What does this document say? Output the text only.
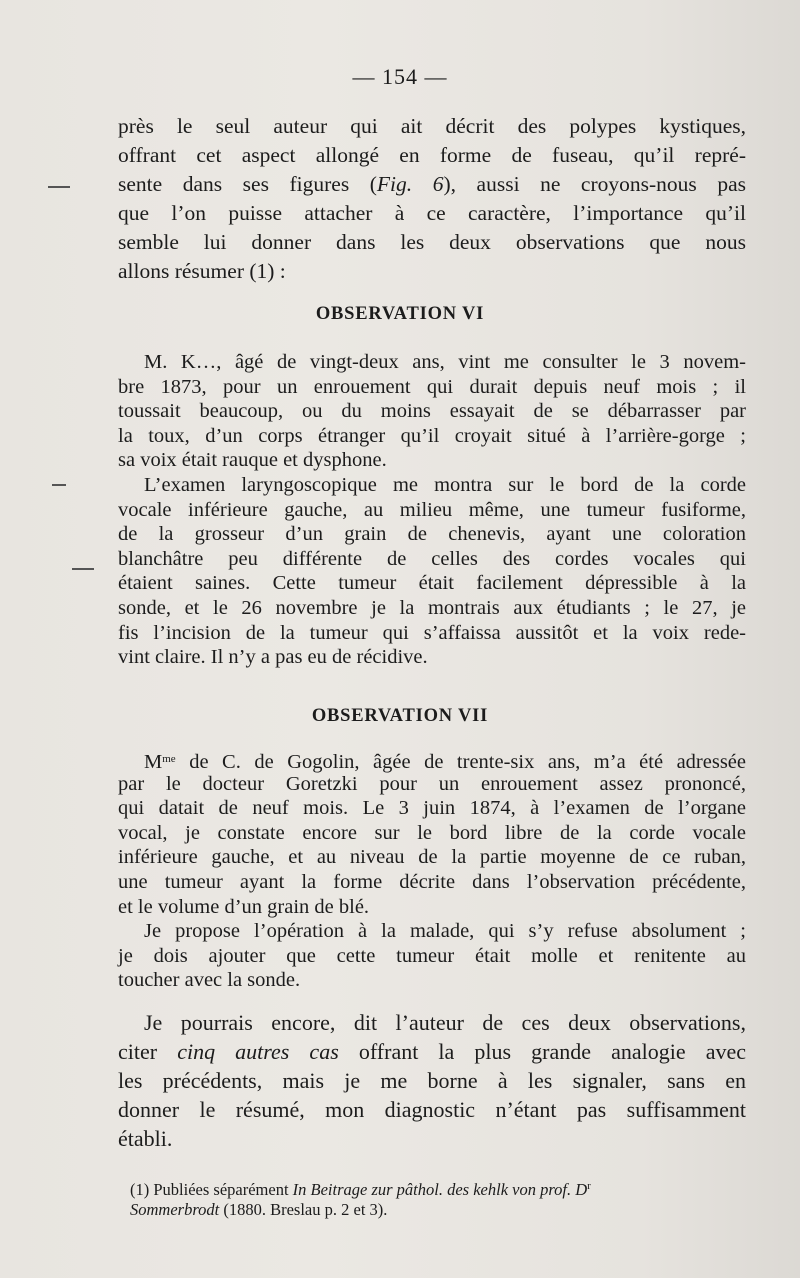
— 154 —
près le seul auteur qui ait décrit des polypes kystiques,
offrant cet aspect allongé en forme de fuseau, qu’il repré-
sente dans ses figures (Fig. 6), aussi ne croyons-nous pas
que l’on puisse attacher à ce caractère, l’importance qu’il
semble lui donner dans les deux observations que nous
allons résumer (1) :
OBSERVATION VI
M. K…, âgé de vingt-deux ans, vint me consulter le 3 novem-
bre 1873, pour un enrouement qui durait depuis neuf mois ; il
toussait beaucoup, ou du moins essayait de se débarrasser par
la toux, d’un corps étranger qu’il croyait situé à l’arrière-gorge ;
sa voix était rauque et dysphone.
L’examen laryngoscopique me montra sur le bord de la corde
vocale inférieure gauche, au milieu même, une tumeur fusiforme,
de la grosseur d’un grain de chenevis, ayant une coloration
blanchâtre peu différente de celles des cordes vocales qui
étaient saines. Cette tumeur était facilement dépressible à la
sonde, et le 26 novembre je la montrais aux étudiants ; le 27, je
fis l’incision de la tumeur qui s’affaissa aussitôt et la voix rede-
vint claire. Il n’y a pas eu de récidive.
OBSERVATION VII
$M^{me}$ de C. de Gogolin, âgée de trente-six ans, m’a été adressée
par le docteur Goretzki pour un enrouement assez prononcé,
qui datait de neuf mois. Le 3 juin 1874, à l’examen de l’organe
vocal, je constate encore sur le bord libre de la corde vocale
inférieure gauche, et au niveau de la partie moyenne de ce ruban,
une tumeur ayant la forme décrite dans l’observation précédente,
et le volume d’un grain de blé.
Je propose l’opération à la malade, qui s’y refuse absolument ;
je dois ajouter que cette tumeur était molle et renitente au
toucher avec la sonde.
Je pourrais encore, dit l’auteur de ces deux observations,
citer cinq autres cas offrant la plus grande analogie avec
les précédents, mais je me borne à les signaler, sans en
donner le résumé, mon diagnostic n’étant pas suffisamment
établi.
(1) Publiées séparément In Beitrage zur pâthol. des kehlk von prof. $D^r$
Sommerbrodt (1880. Breslau p. 2 et 3).
